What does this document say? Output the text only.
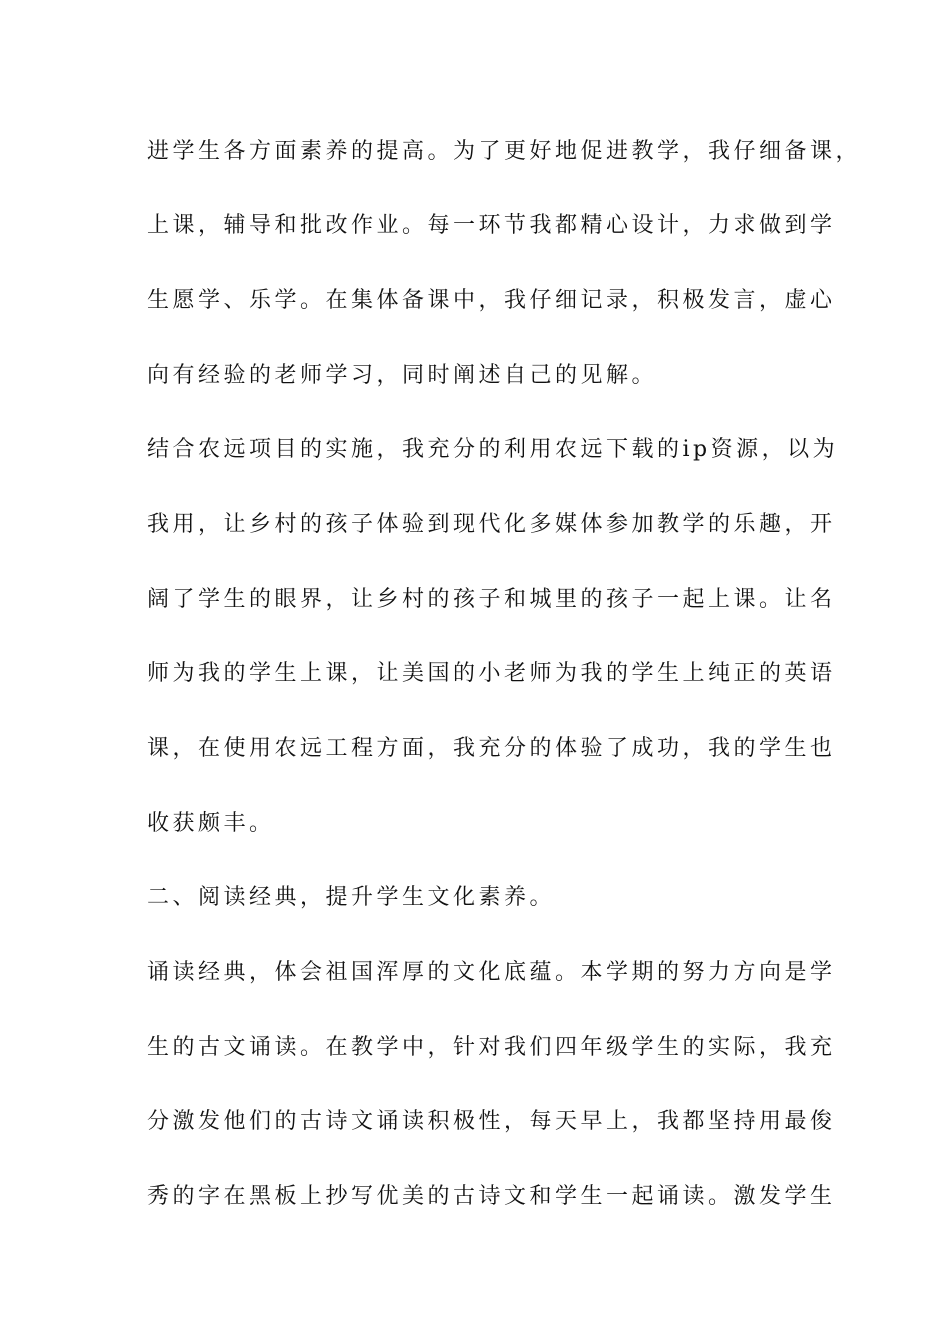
进学生各方面素养的提高。为了更好地促进教学，我仔细备课，
上课，辅导和批改作业。每一环节我都精心设计，力求做到学
生愿学、乐学。在集体备课中，我仔细记录，积极发言，虚心
向有经验的老师学习，同时阐述自己的见解。
结合农远项目的实施，我充分的利用农远下载的ip资源，以为
我用，让乡村的孩子体验到现代化多媒体参加教学的乐趣，开
阔了学生的眼界，让乡村的孩子和城里的孩子一起上课。让名
师为我的学生上课，让美国的小老师为我的学生上纯正的英语
课，在使用农远工程方面，我充分的体验了成功，我的学生也
收获颇丰。
二、阅读经典，提升学生文化素养。
诵读经典，体会祖国浑厚的文化底蕴。本学期的努力方向是学
生的古文诵读。在教学中，针对我们四年级学生的实际，我充
分激发他们的古诗文诵读积极性，每天早上，我都坚持用最俊
秀的字在黑板上抄写优美的古诗文和学生一起诵读。激发学生
